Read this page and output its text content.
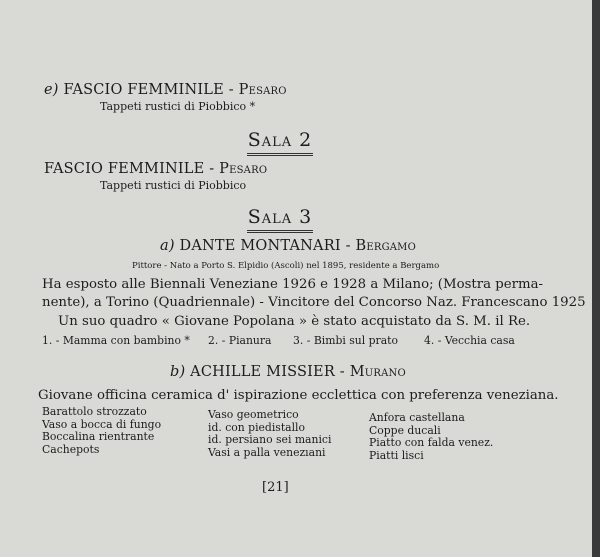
e) FASCIO FEMMINILE - Pesaro
Tappeti rustici di Piobbico *
Sala 2
FASCIO FEMMINILE - Pesaro
Tappeti rustici di Piobbico
Sala 3
a) DANTE MONTANARI - Bergamo
Pittore - Nato a Porto S. Elpidio (Ascoli) nel 1895, residente a Bergamo
Ha esposto alle Biennali Veneziane 1926 e 1928 a Milano; (Mostra perma-
nente), a Torino (Quadriennale) - Vincitore del Concorso Naz. Francescano 1925
Un suo quadro « Giovane Popolana » è stato acquistato da S. M. il Re.
1. - Mamma con bambino * 2. - Pianura 3. - Bimbi sul prato 4. - Vecchia casa
b) ACHILLE MISSIER - Murano
Giovane officina ceramica d' ispirazione ecclettica con preferenza veneziana.
Barattolo strozzato
Vaso a bocca di fungo
Boccalina rientrante
Cachepots
Vaso geometrico
id. con piedistallo
id. persiano sei manici
Vasi a palla venezıani
Anfora castellana
Coppe ducali
Piatto con falda venez.
Piatti lisci
[21]
